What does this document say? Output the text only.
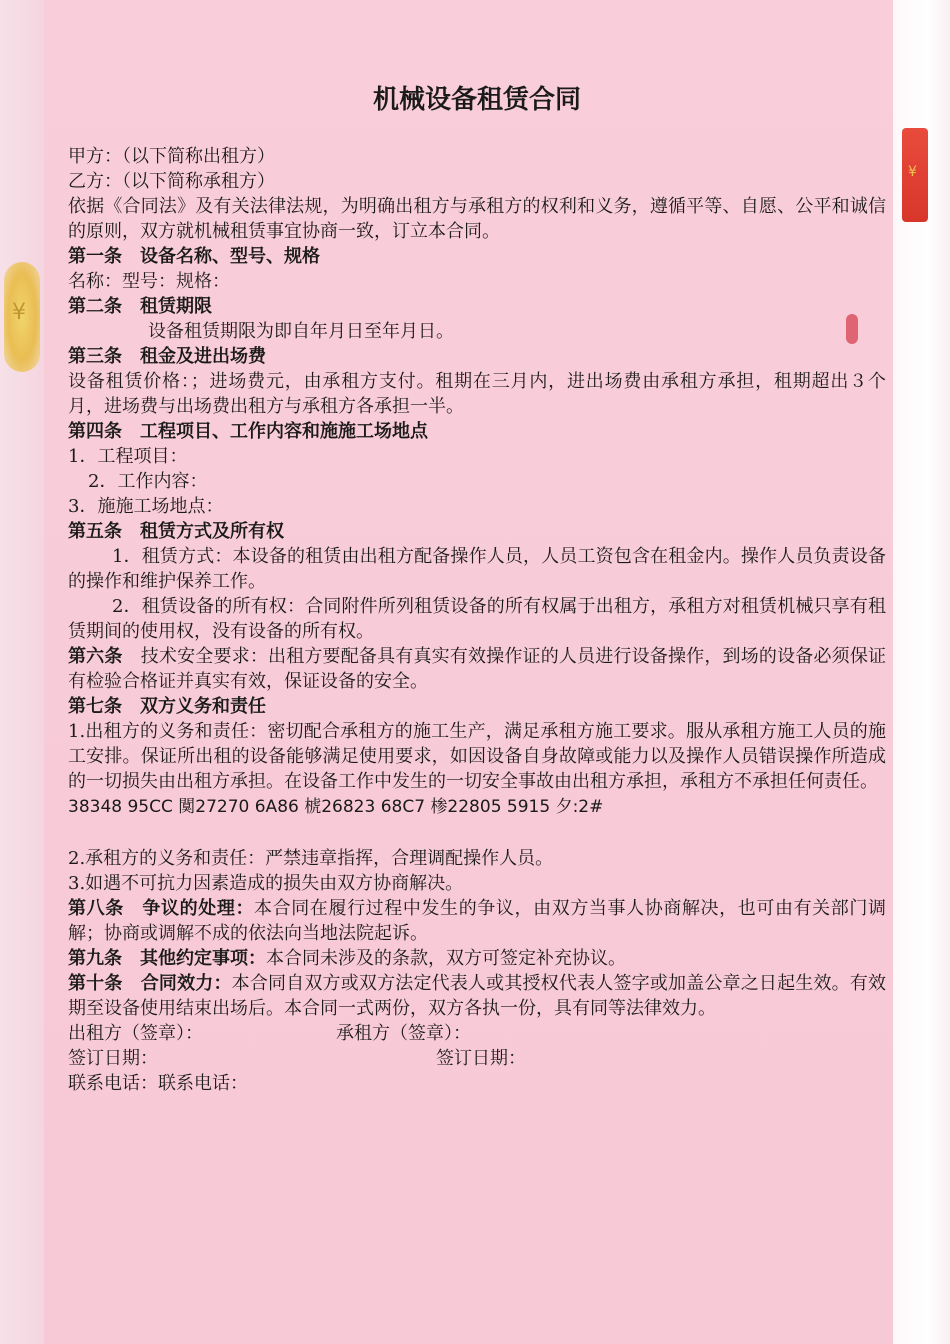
¥
¥
机械设备租赁合同

甲方：（以下简称出租方）

乙方：（以下简称承租方）

依据《合同法》及有关法律法规，为明确出租方与承租方的权利和义务，遵循平等、自愿、公平和诚信的原则，双方就机械租赁事宜协商一致，订立本合同。

第一条　设备名称、型号、规格

名称：型号：规格：

第二条　租赁期限

设备租赁期限为即自年月日至年月日。

第三条　租金及进出场费

设备租赁价格：；进场费元，由承租方支付。租期在三月内，进出场费由承租方承担，租期超出３个月，进场费与出场费出租方与承租方各承担一半。

第四条　工程项目、工作内容和施施工场地点

1．工程项目：

2．工作内容：

3．施施工场地点：

第五条　租赁方式及所有权

1．租赁方式：本设备的租赁由出租方配备操作人员，人员工资包含在租金内。操作人员负责设备的操作和维护保养工作。

2．租赁设备的所有权：合同附件所列租赁设备的所有权属于出租方，承租方对租赁机械只享有租赁期间的使用权，没有设备的所有权。

第六条　 技术安全要求：出租方要配备具有真实有效操作证的人员进行设备操作，到场的设备必须保证有检验合格证并真实有效，保证设备的安全。

第七条　双方义务和责任

1.出租方的义务和责任：密切配合承租方的施工生产，满足承租方施工要求。服从承租方施工人员的施工安排。保证所出租的设备能够满足使用要求，如因设备自身故障或能力以及操作人员错误操作所造成的一切损失由出租方承担。在设备工作中发生的一切安全事故由出租方承担，承租方不承担任何责任。

38348 95CC 闃27270 6A86 椃26823 68C7 椮22805 5915 夕:2#

2.承租方的义务和责任：严禁违章指挥，合理调配操作人员。

3.如遇不可抗力因素造成的损失由双方协商解决。

第八条　争议的处理：本合同在履行过程中发生的争议，由双方当事人协商解决，也可由有关部门调解；协商或调解不成的依法向当地法院起诉。

第九条　其他约定事项：本合同未涉及的条款，双方可签定补充协议。

第十条　合同效力：本合同自双方或双方法定代表人或其授权代表人签字或加盖公章之日起生效。有效期至设备使用结束出场后。本合同一式两份，双方各执一份，具有同等法律效力。

出租方（签章）：	承租方（签章）：
签订日期：	签订日期：

联系电话：联系电话：
